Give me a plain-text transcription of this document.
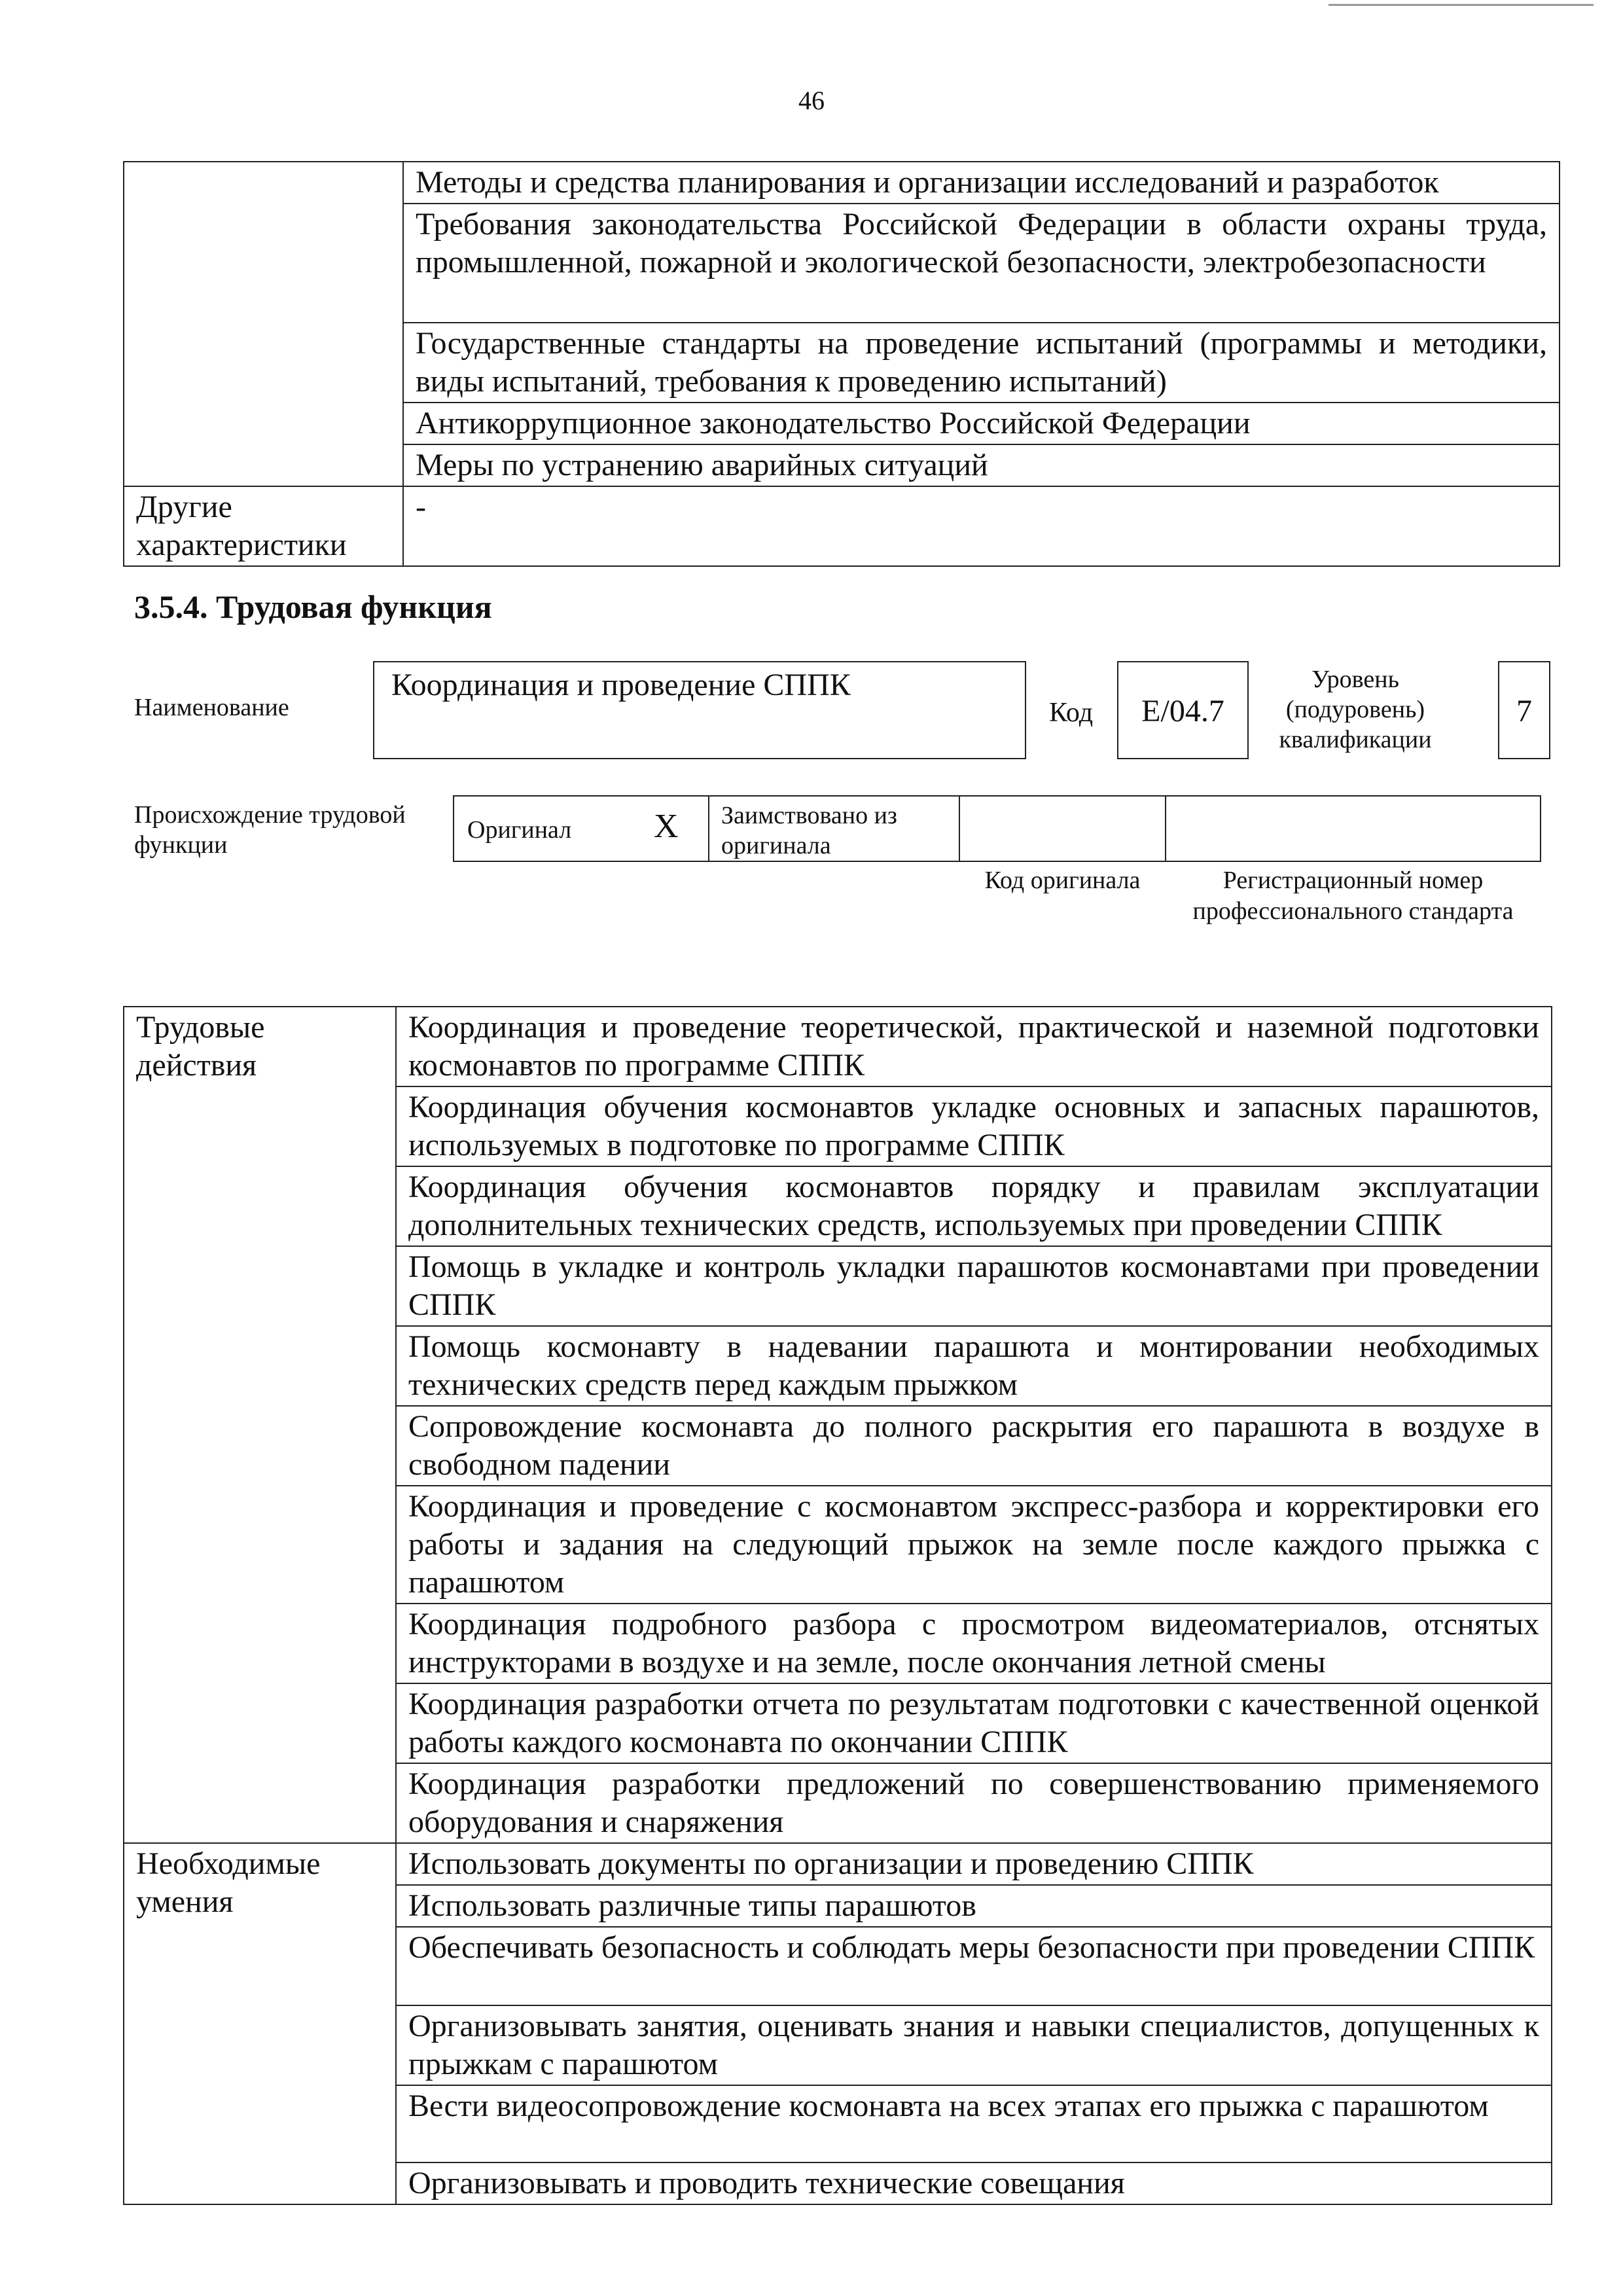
46
	Методы и средства планирования и организации исследований и разработок
	Требования законодательства Российской Федерации в области охраны труда, промышленной, пожарной и экологической безопасности, электробезопасности
	Государственные стандарты на проведение испытаний (программы и методики, виды испытаний, требования к проведению испытаний)
	Антикоррупционное законодательство Российской Федерации
	Меры по устранению аварийных ситуаций
Другие характеристики	-
3.5.4. Трудовая функция
Наименование
Координация и проведение СППК
Код	E/04.7
Уровень (подуровень) квалификации
7
Происхождение трудовой функции
Оригинал X Заимствовано из оригинала
Код оригинала	Регистрационный номер профессионального стандарта
Трудовые действия	Координация и проведение теоретической, практической и наземной подготовки космонавтов по программе СППК
	Координация обучения космонавтов укладке основных и запасных парашютов, используемых в подготовке по программе СППК
	Координация обучения космонавтов порядку и правилам эксплуатации дополнительных технических средств, используемых при проведении СППК
	Помощь в укладке и контроль укладки парашютов космонавтами при проведении СППК
	Помощь космонавту в надевании парашюта и монтировании необходимых технических средств перед каждым прыжком
	Сопровождение космонавта до полного раскрытия его парашюта в воздухе в свободном падении
	Координация и проведение с космонавтом экспресс-разбора и корректировки его работы и задания на следующий прыжок на земле после каждого прыжка с парашютом
	Координация подробного разбора с просмотром видеоматериалов, отснятых инструкторами в воздухе и на земле, после окончания летной смены
	Координация разработки отчета по результатам подготовки с качественной оценкой работы каждого космонавта по окончании СППК
	Координация разработки предложений по совершенствованию применяемого оборудования и снаряжения
Необходимые умения	Использовать документы по организации и проведению СППК
	Использовать различные типы парашютов
	Обеспечивать безопасность и соблюдать меры безопасности при проведении СППК
	Организовывать занятия, оценивать знания и навыки специалистов, допущенных к прыжкам с парашютом
	Вести видеосопровождение космонавта на всех этапах его прыжка с парашютом
	Организовывать и проводить технические совещания
